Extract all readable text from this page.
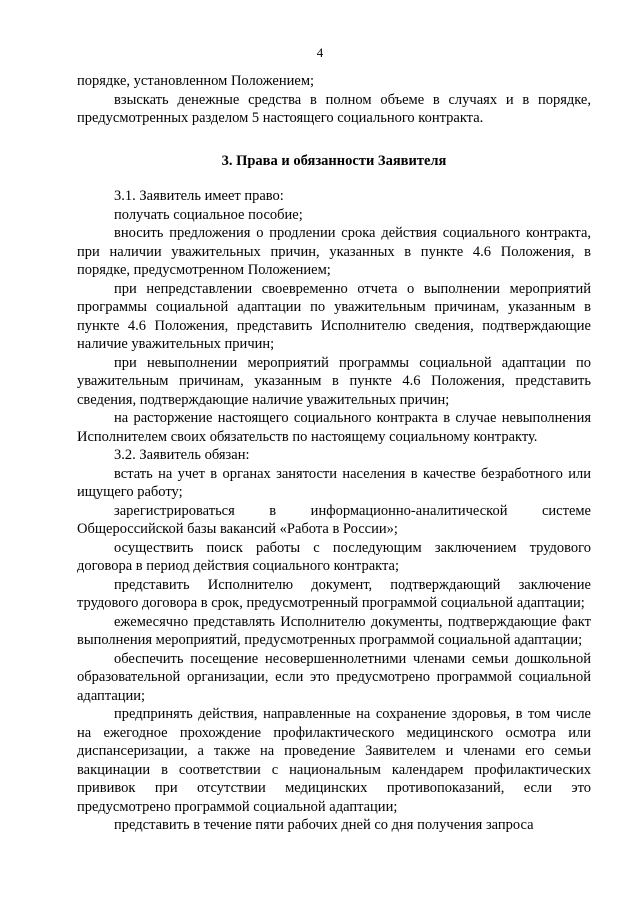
4

порядке, установленном Положением;

взыскать денежные средства в полном объеме в случаях и в порядке, предусмотренных разделом 5 настоящего социального контракта.

3. Права и обязанности Заявителя

3.1. Заявитель имеет право:

получать социальное пособие;

вносить предложения о продлении срока действия социального контракта, при наличии уважительных причин, указанных в пункте 4.6 Положения, в порядке, предусмотренном Положением;

при непредставлении своевременно отчета о выполнении мероприятий программы социальной адаптации по уважительным причинам, указанным в пункте 4.6 Положения, представить Исполнителю сведения, подтверждающие наличие уважительных причин;

при невыполнении мероприятий программы социальной адаптации по уважительным причинам, указанным в пункте 4.6 Положения, представить сведения, подтверждающие наличие уважительных причин;

на расторжение настоящего социального контракта в случае невыполнения Исполнителем своих обязательств по настоящему социальному контракту.

3.2. Заявитель обязан:

встать на учет в органах занятости населения в качестве безработного или ищущего работу;

зарегистрироваться в информационно-аналитической системе Общероссийской базы вакансий «Работа в России»;

осуществить поиск работы с последующим заключением трудового договора в период действия социального контракта;

представить Исполнителю документ, подтверждающий заключение трудового договора в срок, предусмотренный программой социальной адаптации;

ежемесячно представлять Исполнителю документы, подтверждающие факт выполнения мероприятий, предусмотренных программой социальной адаптации;

обеспечить посещение несовершеннолетними членами семьи дошкольной образовательной организации, если это предусмотрено программой социальной адаптации;

предпринять действия, направленные на сохранение здоровья, в том числе на ежегодное прохождение профилактического медицинского осмотра или диспансеризации, а также на проведение Заявителем и членами его семьи вакцинации в соответствии с национальным календарем профилактических прививок при отсутствии медицинских противопоказаний, если это предусмотрено программой социальной адаптации;

представить в течение пяти рабочих дней со дня получения запроса
